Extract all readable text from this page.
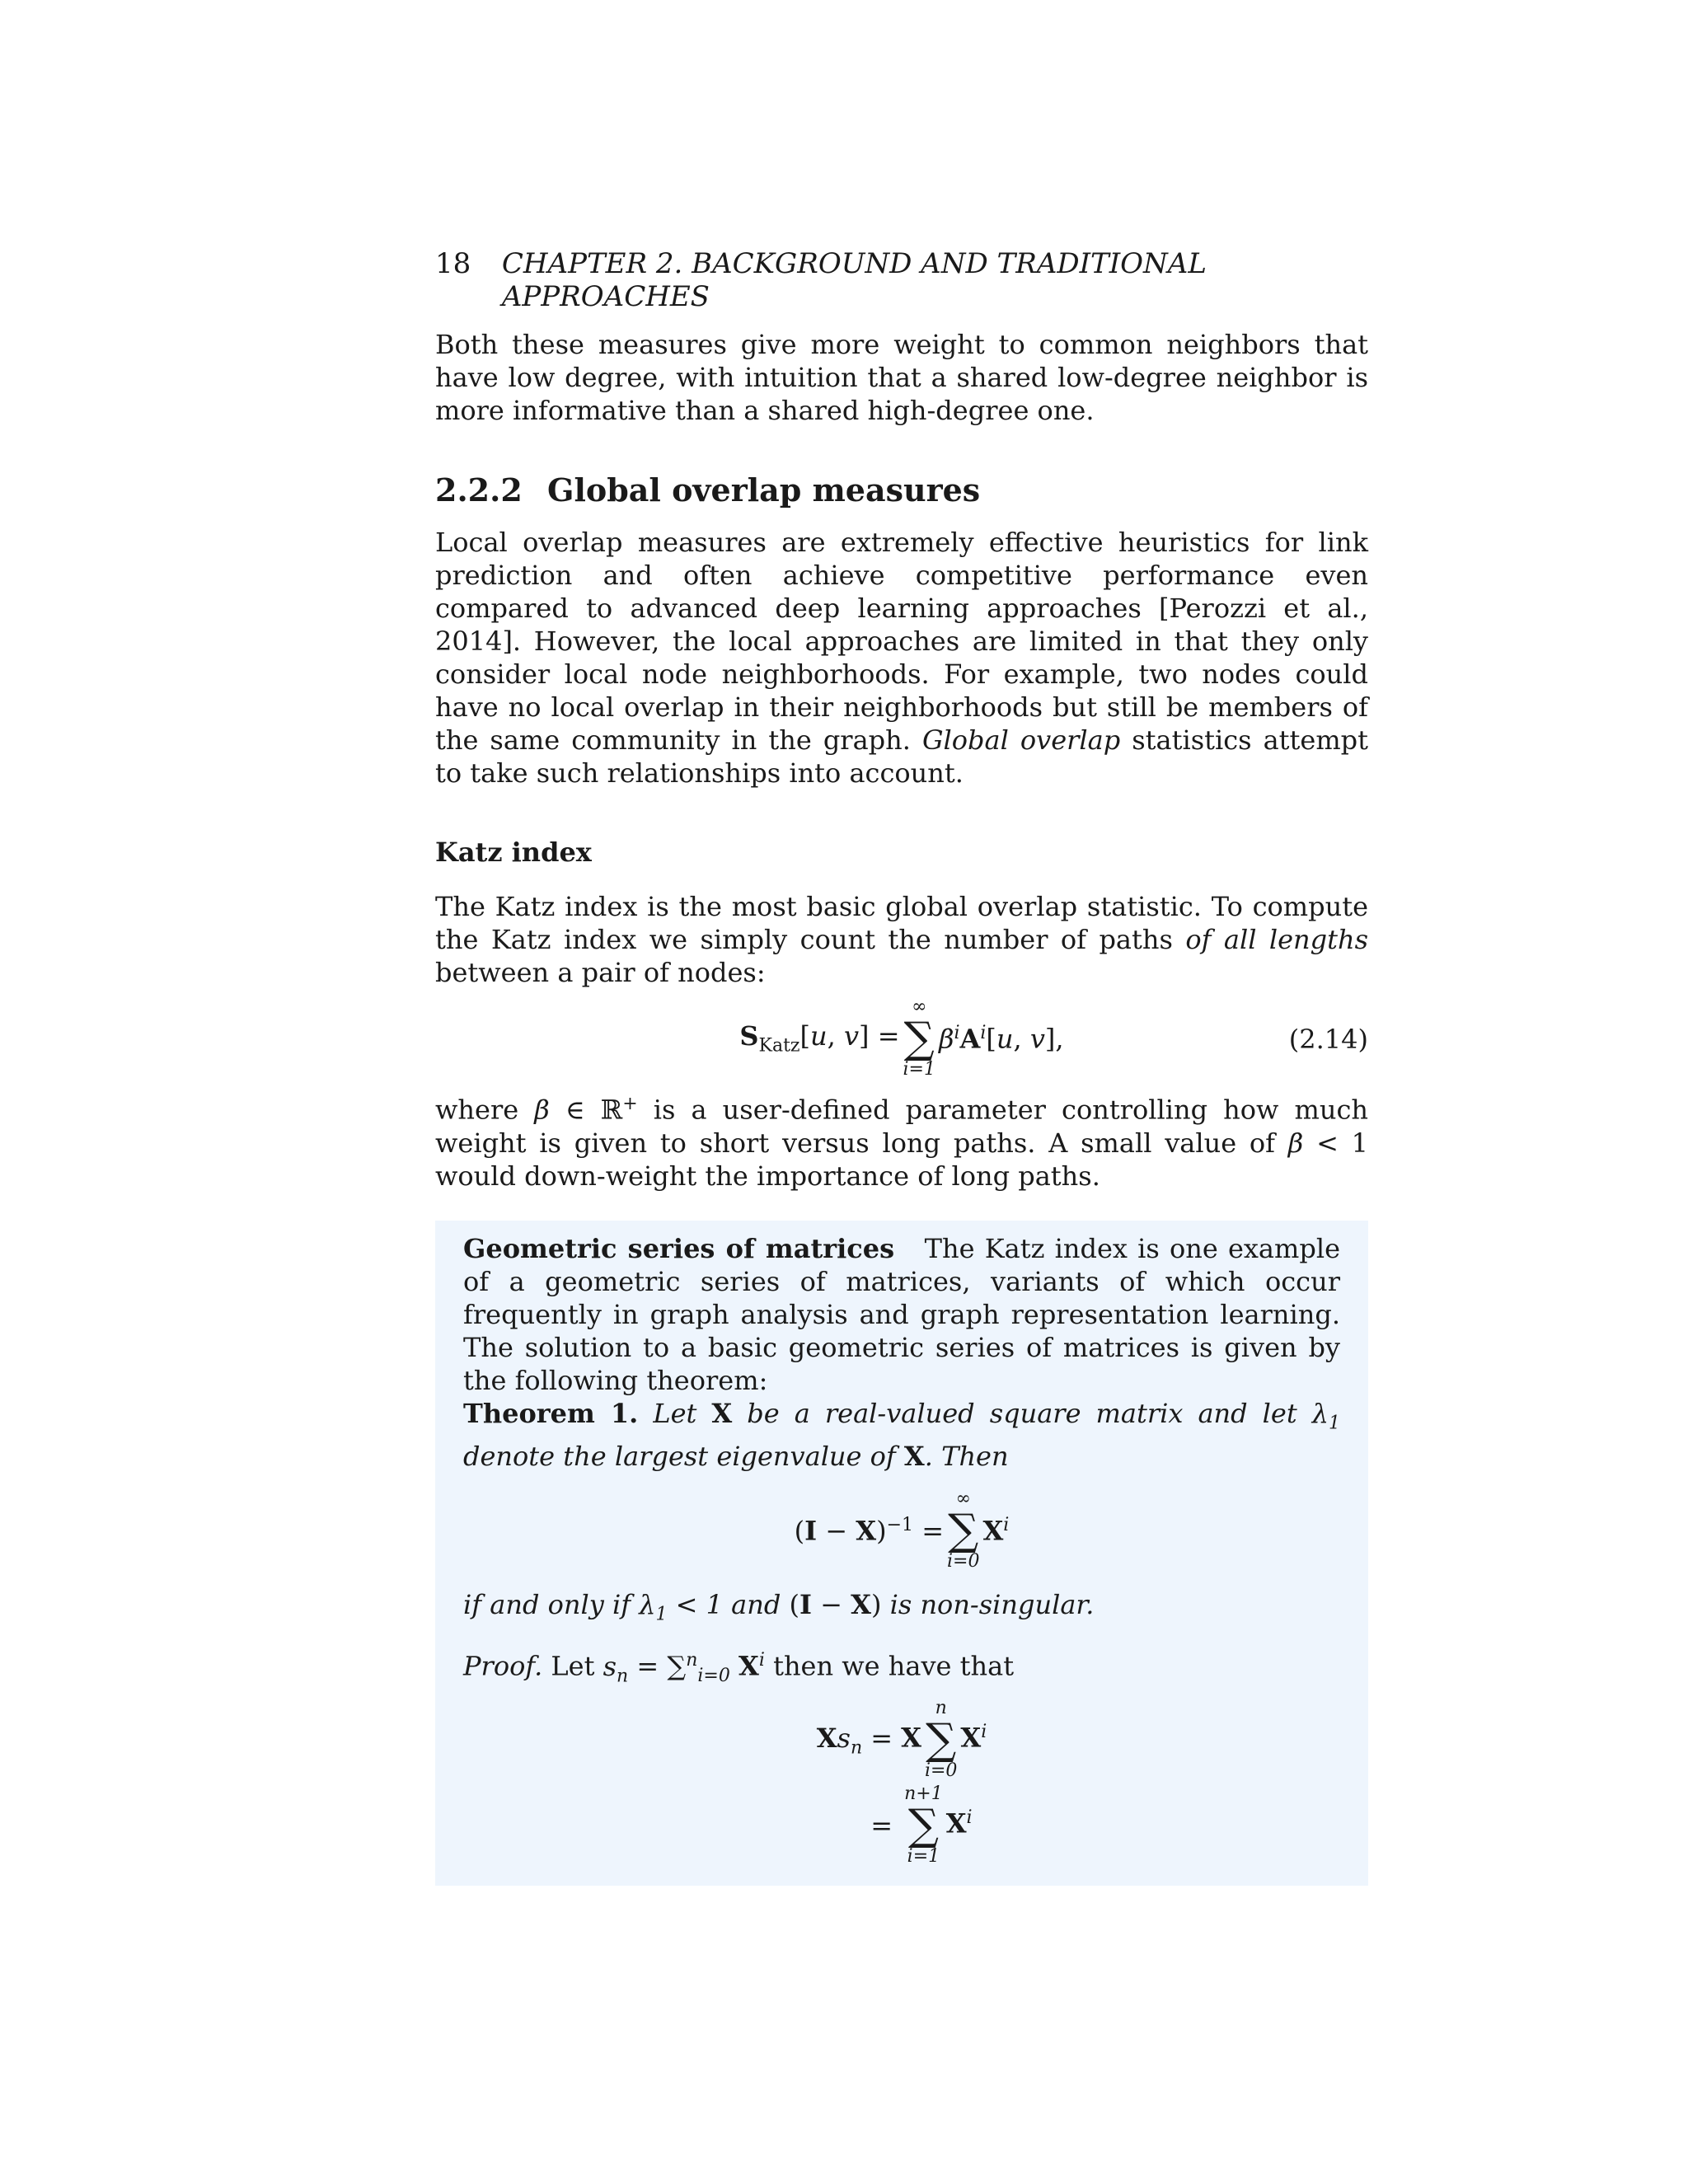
18	CHAPTER 2. BACKGROUND AND TRADITIONAL APPROACHES

Both these measures give more weight to common neighbors that have low degree, with intuition that a shared low-degree neighbor is more informative than a shared high-degree one.

2.2.2 Global overlap measures

Local overlap measures are extremely effective heuristics for link prediction and often achieve competitive performance even compared to advanced deep learning approaches [Perozzi et al., 2014]. However, the local approaches are limited in that they only consider local node neighborhoods. For example, two nodes could have no local overlap in their neighborhoods but still be members of the same community in the graph. Global overlap statistics attempt to take such relationships into account.

Katz index

The Katz index is the most basic global overlap statistic. To compute the Katz index we simply count the number of paths of all lengths between a pair of nodes:

$S_{Katz}[u$, v] =
∞
∑
i=1
$\beta^iA^i[u$, v],	(2.14)

where β ∈ ℝ+ is a user-defined parameter controlling how much weight is given to short versus long paths. A small value of β < 1 would down-weight the importance of long paths.

Geometric series of matrices The Katz index is one example of a geometric series of matrices, variants of which occur frequently in graph analysis and graph representation learning. The solution to a basic geometric series of matrices is given by the following theorem:

Theorem 1. Let X be a real-valued square matrix and let $\lambda_1$ denote the largest eigenvalue of X. Then

$(I - X)^{-1}$ =
∞
∑
i=0
$X^i$

if and only if $\lambda_1 < 1$ and (I − X) is non-singular.

Proof. Let $s_n = \sum^n_{i=0}$ $X^i$ then we have that

$Xs_n = X$
n
∑
i=0
$X^i$
=
n+1
∑
i=1
$X^i$
